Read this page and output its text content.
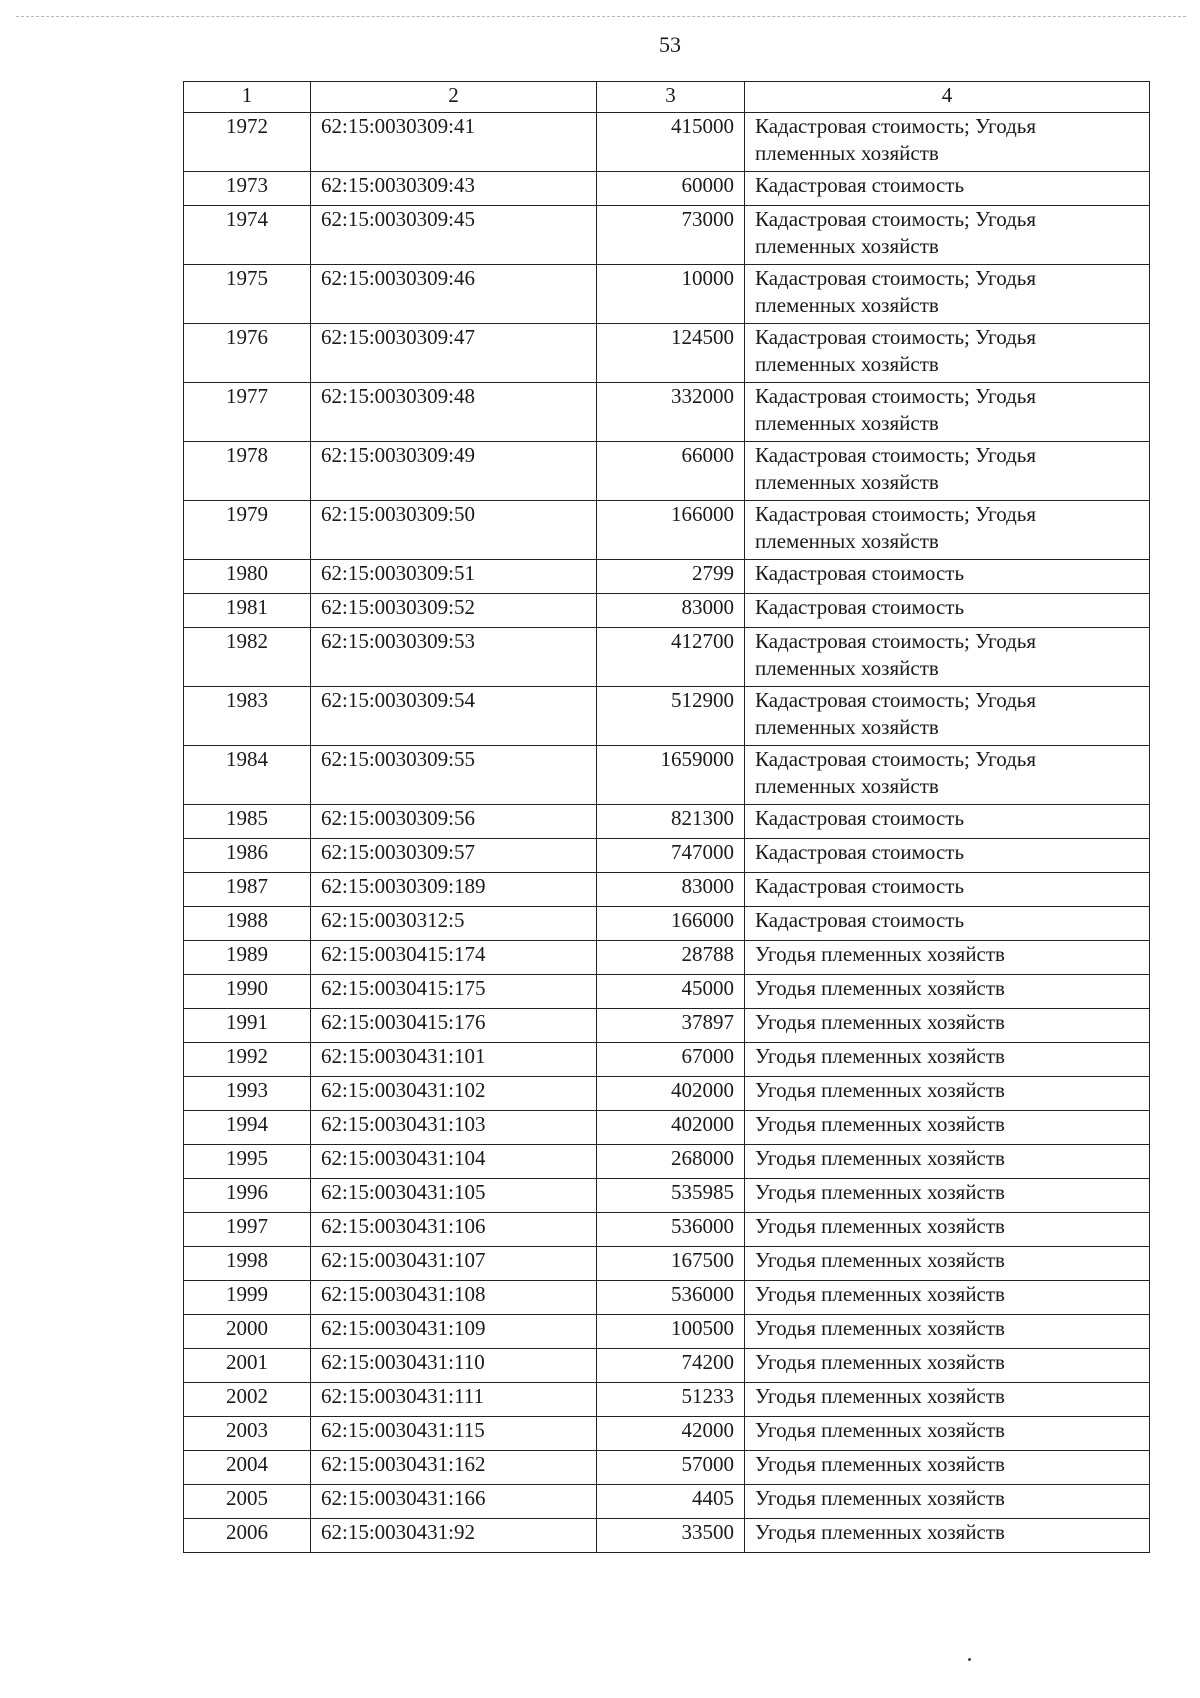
53
1	2	3	4
1972	62:15:0030309:41	415000	Кадастровая стоимость; Угодья племенных хозяйств
1973	62:15:0030309:43	60000	Кадастровая стоимость
1974	62:15:0030309:45	73000	Кадастровая стоимость; Угодья племенных хозяйств
1975	62:15:0030309:46	10000	Кадастровая стоимость; Угодья племенных хозяйств
1976	62:15:0030309:47	124500	Кадастровая стоимость; Угодья племенных хозяйств
1977	62:15:0030309:48	332000	Кадастровая стоимость; Угодья племенных хозяйств
1978	62:15:0030309:49	66000	Кадастровая стоимость; Угодья племенных хозяйств
1979	62:15:0030309:50	166000	Кадастровая стоимость; Угодья племенных хозяйств
1980	62:15:0030309:51	2799	Кадастровая стоимость
1981	62:15:0030309:52	83000	Кадастровая стоимость
1982	62:15:0030309:53	412700	Кадастровая стоимость; Угодья племенных хозяйств
1983	62:15:0030309:54	512900	Кадастровая стоимость; Угодья племенных хозяйств
1984	62:15:0030309:55	1659000	Кадастровая стоимость; Угодья племенных хозяйств
1985	62:15:0030309:56	821300	Кадастровая стоимость
1986	62:15:0030309:57	747000	Кадастровая стоимость
1987	62:15:0030309:189	83000	Кадастровая стоимость
1988	62:15:0030312:5	166000	Кадастровая стоимость
1989	62:15:0030415:174	28788	Угодья племенных хозяйств
1990	62:15:0030415:175	45000	Угодья племенных хозяйств
1991	62:15:0030415:176	37897	Угодья племенных хозяйств
1992	62:15:0030431:101	67000	Угодья племенных хозяйств
1993	62:15:0030431:102	402000	Угодья племенных хозяйств
1994	62:15:0030431:103	402000	Угодья племенных хозяйств
1995	62:15:0030431:104	268000	Угодья племенных хозяйств
1996	62:15:0030431:105	535985	Угодья племенных хозяйств
1997	62:15:0030431:106	536000	Угодья племенных хозяйств
1998	62:15:0030431:107	167500	Угодья племенных хозяйств
1999	62:15:0030431:108	536000	Угодья племенных хозяйств
2000	62:15:0030431:109	100500	Угодья племенных хозяйств
2001	62:15:0030431:110	74200	Угодья племенных хозяйств
2002	62:15:0030431:111	51233	Угодья племенных хозяйств
2003	62:15:0030431:115	42000	Угодья племенных хозяйств
2004	62:15:0030431:162	57000	Угодья племенных хозяйств
2005	62:15:0030431:166	4405	Угодья племенных хозяйств
2006	62:15:0030431:92	33500	Угодья племенных хозяйств
